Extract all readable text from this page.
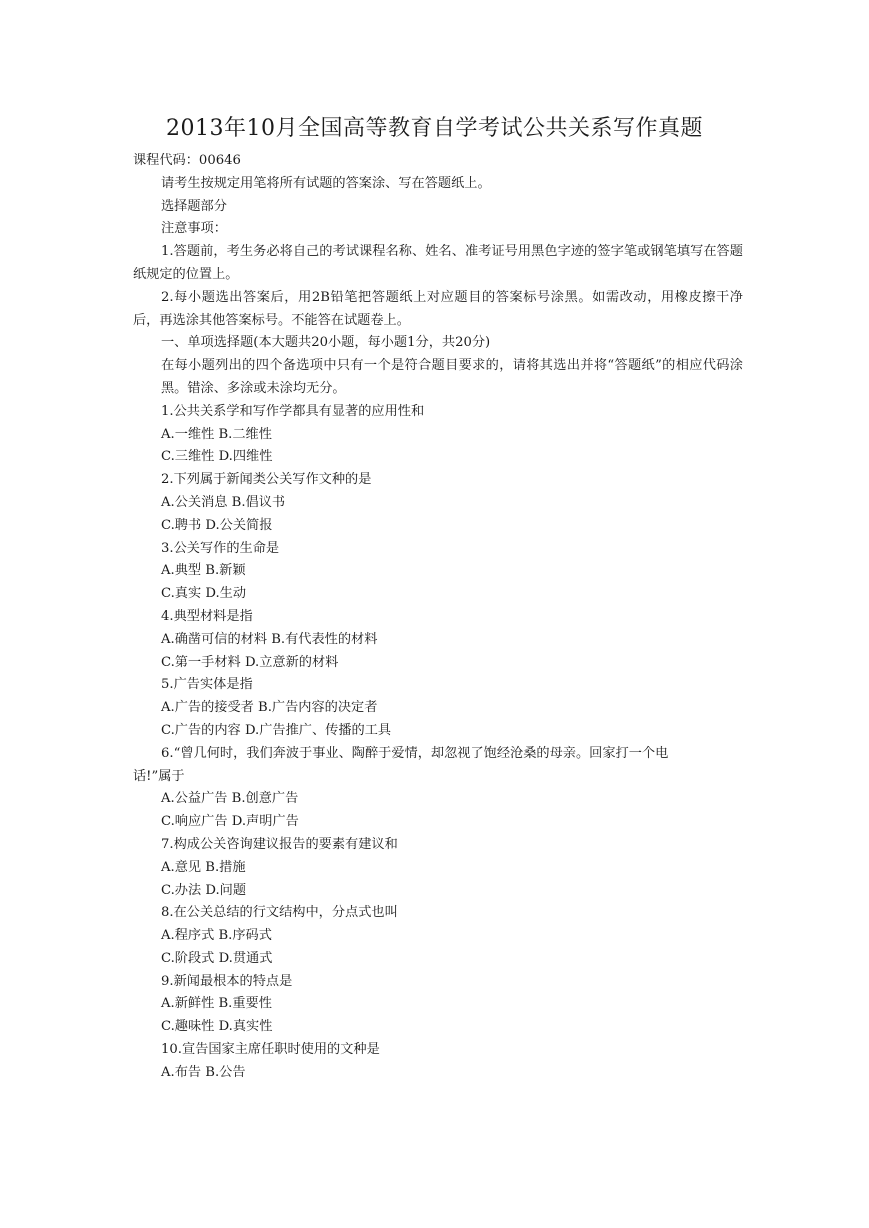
2013年10月全国高等教育自学考试公共关系写作真题

课程代码：00646

请考生按规定用笔将所有试题的答案涂、写在答题纸上。

选择题部分

注意事项：

1.答题前，考生务必将自己的考试课程名称、姓名、准考证号用黑色字迹的签字笔或钢笔填写在答题纸规定的位置上。

2.每小题选出答案后，用2B铅笔把答题纸上对应题目的答案标号涂黑。如需改动，用橡皮擦干净后，再选涂其他答案标号。不能答在试题卷上。

一、单项选择题(本大题共20小题，每小题1分，共20分)

在每小题列出的四个备选项中只有一个是符合题目要求的，请将其选出并将“答题纸”的相应代码涂黑。错涂、多涂或未涂均无分。

1.公共关系学和写作学都具有显著的应用性和

A.一维性 B.二维性

C.三维性 D.四维性

2.下列属于新闻类公关写作文种的是

A.公关消息 B.倡议书

C.聘书 D.公关简报

3.公关写作的生命是

A.典型 B.新颖

C.真实 D.生动

4.典型材料是指

A.确凿可信的材料 B.有代表性的材料

C.第一手材料 D.立意新的材料

5.广告实体是指

A.广告的接受者 B.广告内容的决定者

C.广告的内容 D.广告推广、传播的工具

6.“曾几何时，我们奔波于事业、陶醉于爱情，却忽视了饱经沧桑的母亲。回家打一个电

话!”属于

A.公益广告 B.创意广告

C.响应广告 D.声明广告

7.构成公关咨询建议报告的要素有建议和

A.意见 B.措施

C.办法 D.问题

8.在公关总结的行文结构中，分点式也叫

A.程序式 B.序码式

C.阶段式 D.贯通式

9.新闻最根本的特点是

A.新鲜性 B.重要性

C.趣味性 D.真实性

10.宣告国家主席任职时使用的文种是

A.布告 B.公告
